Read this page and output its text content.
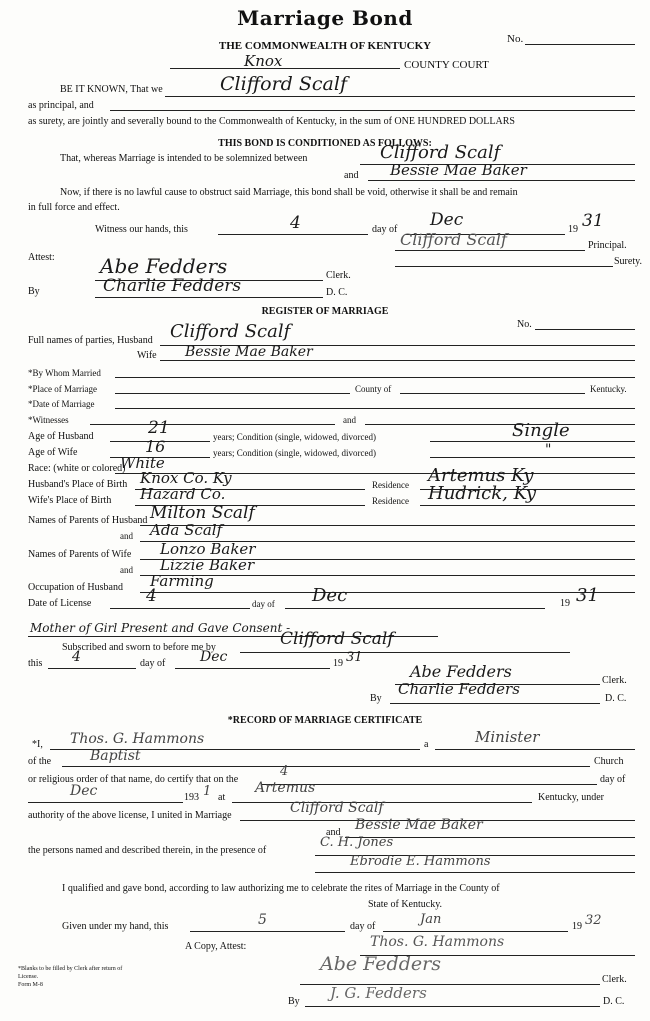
Marriage Bond
No.
THE COMMONWEALTH OF KENTUCKY
Knox	COUNTY COURT
BE IT KNOWN, That we	Clifford Scalf
as principal, and
as surety, are jointly and severally bound to the Commonwealth of Kentucky, in the sum of ONE HUNDRED DOLLARS
THIS BOND IS CONDITIONED AS FOLLOWS:
That, whereas Marriage is intended to be solemnized between	Clifford Scalf
and Bessie Mae Baker
Now, if there is no lawful cause to obstruct said Marriage, this bond shall be void, otherwise it shall be and remain
in full force and effect.
Witness our hands, this	4	day of Dec	19 31
Clifford Scalf	Principal.
Surety.
Attest: Abe Fedders	Clerk.
By	Charlie Fedders	D. C.
REGISTER OF MARRIAGE
No.
Full names of parties, Husband Clifford Scalf
Wife Bessie Mae Baker
*By Whom Married
*Place of Marriage	County of	Kentucky.
*Date of Marriage
*Witnesses	and
Age of Husband	21	years; Condition (single, widowed, divorced)	Single
Age of Wife	16	years; Condition (single, widowed, divorced)	"
Race: (white or colored)
White
Husband's Place of Birth Knox Co. Ky	Residence Artemus Ky
Wife's Place of Birth Hazard Co.	Residence Hudrick, Ky
Names of Parents of Husband Milton Scalf
and Ada Scalf
Names of Parents of Wife Lonzo Baker
and Lizzie Baker
Occupation of Husband Farming
Date of License	4	day of Dec	19 31
Mother of Girl Present and Gave Consent -
Subscribed and sworn to before me by	Clifford Scalf
this 4	day of Dec	19 31
Abe Fedders	Clerk.
By
Charlie Fedders
D. C.
*RECORD OF MARRIAGE CERTIFICATE
*I, Thos. G. Hammons	a	Minister
of the	Baptist	Church
or religious order of that name, do certify that on the
4
day of
Dec	193 1 at
Artemus
Kentucky, under
authority of the above license, I united in Marriage	Clifford Scalf
and Bessie Mae Baker
the persons named and described therein, in the presence of
C. H. Jones
Ebrodie E. Hammons
I qualified and gave bond, according to law authorizing me to celebrate the rites of Marriage in the County of
State of Kentucky.
Given under my hand, this	5	day of	Jan	19 32
Thos. G. Hammons
A Copy, Attest:
Abe Fedders
Clerk.
By J. G. Fedders	D. C.
*Blanks to be filled by Clerk after return of License.
Form M-8
